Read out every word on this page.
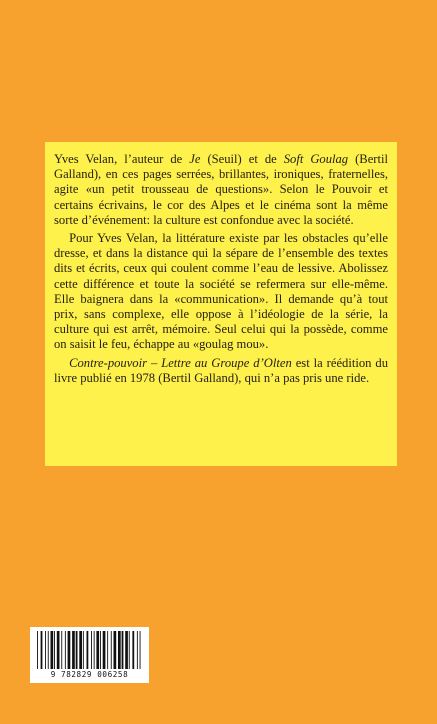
Yves Velan, l’auteur de Je (Seuil) et de Soft Goulag (Bertil Galland), en ces pages serrées, brillantes, ironiques, fraternelles, agite «un petit trousseau de questions». Selon le Pouvoir et certains écrivains, le cor des Alpes et le cinéma sont la même sorte d’événement: la culture est confondue avec la société.

Pour Yves Velan, la littérature existe par les obstacles qu’elle dresse, et dans la distance qui la sépare de l’ensemble des textes dits et écrits, ceux qui coulent comme l’eau de lessive. Abolissez cette différence et toute la société se refermera sur elle-même. Elle baignera dans la «communication». Il demande qu’à tout prix, sans complexe, elle oppose à l’idéologie de la série, la culture qui est arrêt, mémoire. Seul celui qui la possède, comme on saisit le feu, échappe au «goulag mou».

Contre-pouvoir – Lettre au Groupe d’Olten est la réédition du livre publié en 1978 (Bertil Galland), qui n’a pas pris une ride.

9 782829 006258
